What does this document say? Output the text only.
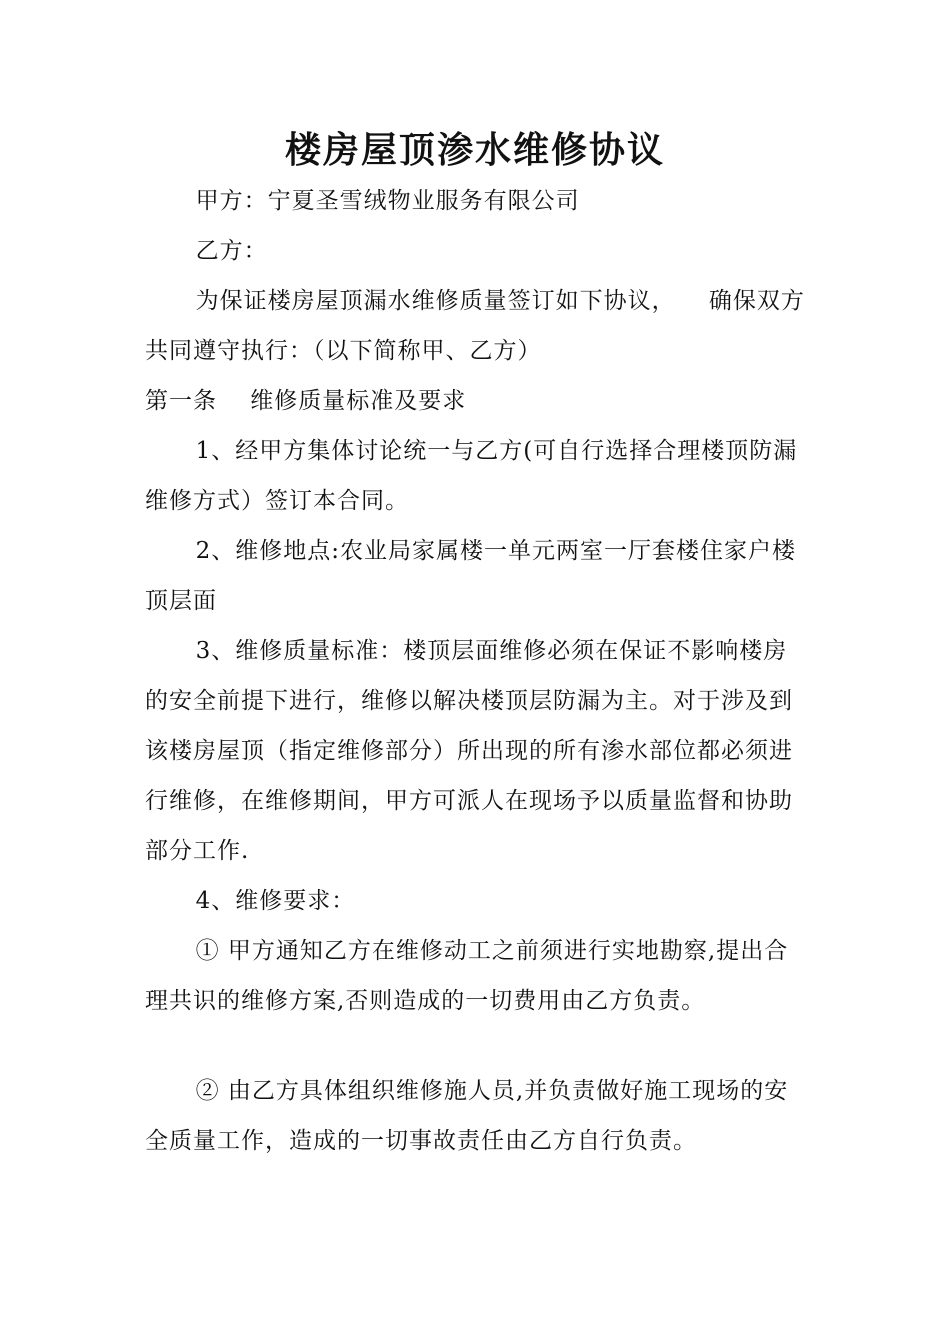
楼房屋顶渗水维修协议

甲方：宁夏圣雪绒物业服务有限公司

乙方：

为保证楼房屋顶漏水维修质量签订如下协议，    确保双方共同遵守执行：（以下简称甲、乙方）

第一条    维修质量标准及要求

1、经甲方集体讨论统一与乙方(可自行选择合理楼顶防漏维修方式）签订本合同。

2、维修地点:农业局家属楼一单元两室一厅套楼住家户楼顶层面

3、维修质量标准：楼顶层面维修必须在保证不影响楼房的安全前提下进行，维修以解决楼顶层防漏为主。对于涉及到该楼房屋顶（指定维修部分）所出现的所有渗水部位都必须进行维修，在维修期间，甲方可派人在现场予以质量监督和协助部分工作.

4、维修要求：

① 甲方通知乙方在维修动工之前须进行实地勘察,提出合理共识的维修方案,否则造成的一切费用由乙方负责。

② 由乙方具体组织维修施人员,并负责做好施工现场的安全质量工作，造成的一切事故责任由乙方自行负责。
